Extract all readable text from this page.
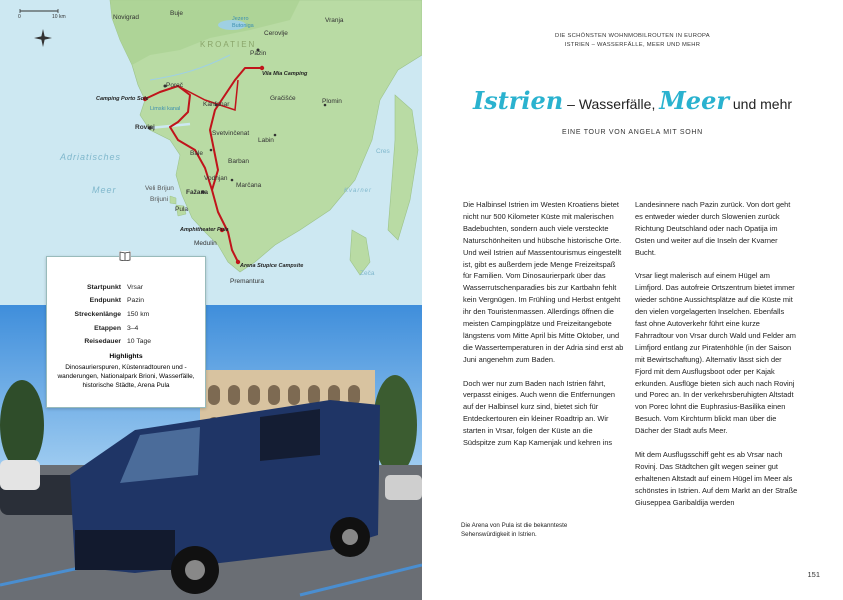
0	10 km
KROATIEN
Adriatisches
Meer
Novigrad
Buje
Jezero
Butoniga
Cerovlje
Vranja
Pazin
Gračišće	Plomin
Labin
Cres
Poreč
Limski kanal
Kanfanar
Rovinj
Bale
Vodnjan
Marčana
Fažana
Brijuni
Pula
Veli Brijun
Medulin
Premantura
Kvarner
Zeča
Svetvinčenat
Barban
Camping Porto Sole
Vila Mia Camping
Amphitheater Pula
Arena Stupice Campsite
Startpunkt Vrsar
Endpunkt Pazin
Streckenlänge 150 km
Etappen 3–4
Reisedauer 10 Tage
Highlights
Dinosaurierspuren, Küstenradtouren und -wanderungen, Nationalpark Brioni, Wasserfälle, historische Städte, Arena Pula
DIE SCHÖNSTEN WOHNMOBILROUTEN IN EUROPA
ISTRIEN – WASSERFÄLLE, MEER UND MEHR
Istrien – Wasserfälle, Meer und mehr
EINE TOUR VON ANGELA MIT SOHN

Die Halbinsel Istrien im Westen Kroatiens bietet nicht nur 500 Kilometer Küste mit malerischen Badebuchten, sondern auch viele versteckte Naturschönheiten und hübsche historische Orte. Und weil Istrien auf Massentourismus eingestellt ist, gibt es außerdem jede Menge Freizeitspaß für Familien. Vom Dinosaurierpark über das Wasserrutschenparadies bis zur Kartbahn fehlt kein Vergnügen. Im Frühling und Herbst entgeht ihr den Touristenmassen. Allerdings öffnen die meisten Campingplätze und Freizeitangebote längstens vom Mitte April bis Mitte Oktober, und die Wassertemperaturen in der Adria sind erst ab Juni angenehm zum Baden.

Doch wer nur zum Baden nach Istrien fährt, verpasst einiges. Auch wenn die Entfernungen auf der Halbinsel kurz sind, bietet sich für Entdeckertouren ein kleiner Roadtrip an. Wir starten in Vrsar, folgen der Küste an die Südspitze zum Kap Kamenjak und kehren ins

Landesinnere nach Pazin zurück. Von dort geht es entweder wieder durch Slowenien zurück Richtung Deutschland oder nach Opatija im Osten und weiter auf die Inseln der Kvarner Bucht.

Vrsar liegt malerisch auf einem Hügel am Limfjord. Das autofreie Ortszentrum bietet immer wieder schöne Aussichtsplätze auf die Küste mit den vielen vorgelagerten Inselchen. Ebenfalls fast ohne Autoverkehr führt eine kurze Fahrradtour von Vrsar durch Wald und Felder am Limfjord entlang zur Piratenhöhle (in der Saison mit Bewirtschaftung). Alternativ lässt sich der Fjord mit dem Ausflugsboot oder per Kajak erkunden. Ausflüge bieten sich auch nach Rovinj und Porec an. In der verkehrsberuhigten Altstadt von Porec lohnt die Euphrasius-Basilika einen Besuch. Vom Kirchturm blickt man über die Dächer der Stadt aufs Meer.

Mit dem Ausflugsschiff geht es ab Vrsar nach Rovinj. Das Städtchen gilt wegen seiner gut erhaltenen Altstadt auf einem Hügel im Meer als schönstes in Istrien. Auf dem Markt an der Straße Giuseppea Garibaldija werden

Die Arena von Pula ist die bekannteste Sehenswürdigkeit in Istrien.
151
